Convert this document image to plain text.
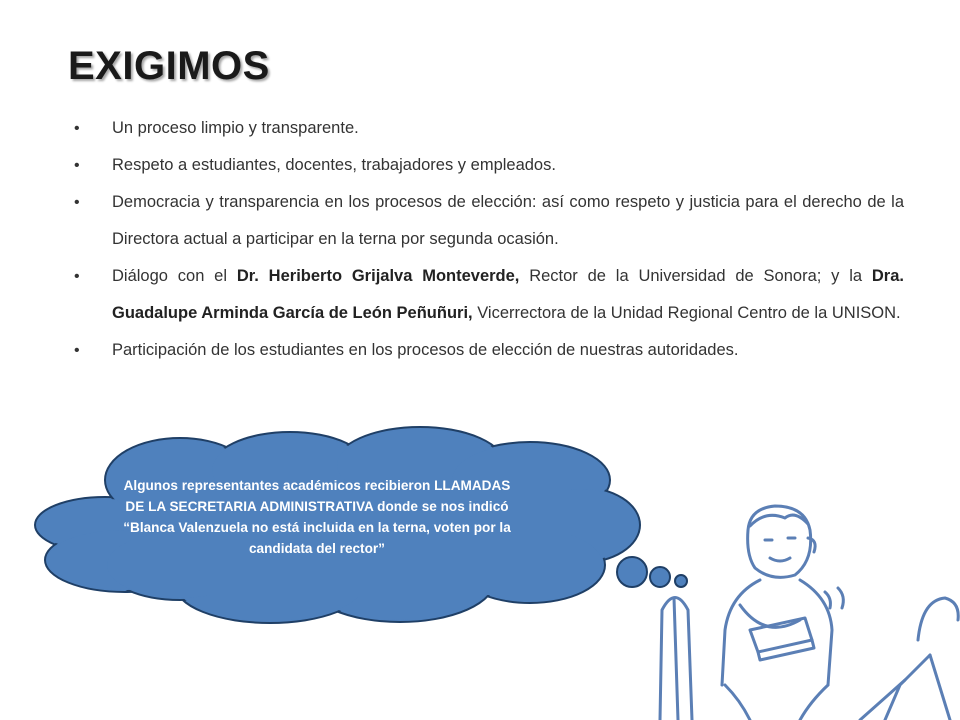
EXIGIMOS
• Un proceso limpio y transparente.
• Respeto a estudiantes, docentes, trabajadores y empleados.
• Democracia y transparencia en los procesos de elección: así como respeto y justicia para el derecho de la Directora actual a participar en la terna por segunda ocasión.
• Diálogo con el Dr. Heriberto Grijalva Monteverde, Rector de la Universidad de Sonora; y la Dra. Guadalupe Arminda García de León Peñuñuri, Vicerrectora de la Unidad Regional Centro de la UNISON.
• Participación de los estudiantes en los procesos de elección de nuestras autoridades.
Algunos representantes académicos recibieron LLAMADAS DE LA SECRETARIA ADMINISTRATIVA donde se nos indicó “Blanca Valenzuela no está incluida en la terna, voten por la candidata del rector”
